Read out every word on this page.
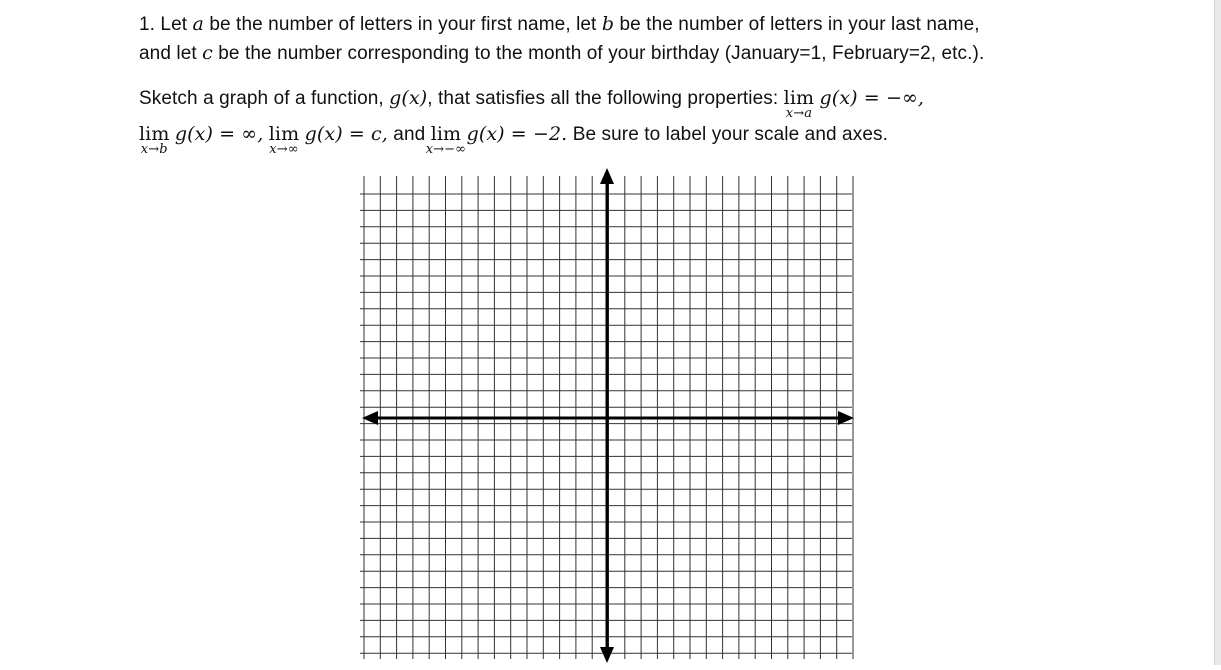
1. Let a be the number of letters in your first name, let b be the number of letters in your last name,
and let c be the number corresponding to the month of your birthday (January=1, February=2, etc.).
Sketch a graph of a function, g(x), that satisfies all the following properties: lim
x→a
g(x) = −∞,
lim
x→b
g(x) = ∞, lim
x→∞
g(x) = c, and lim
x→−∞
g(x) = −2. Be sure to label your scale and axes.
